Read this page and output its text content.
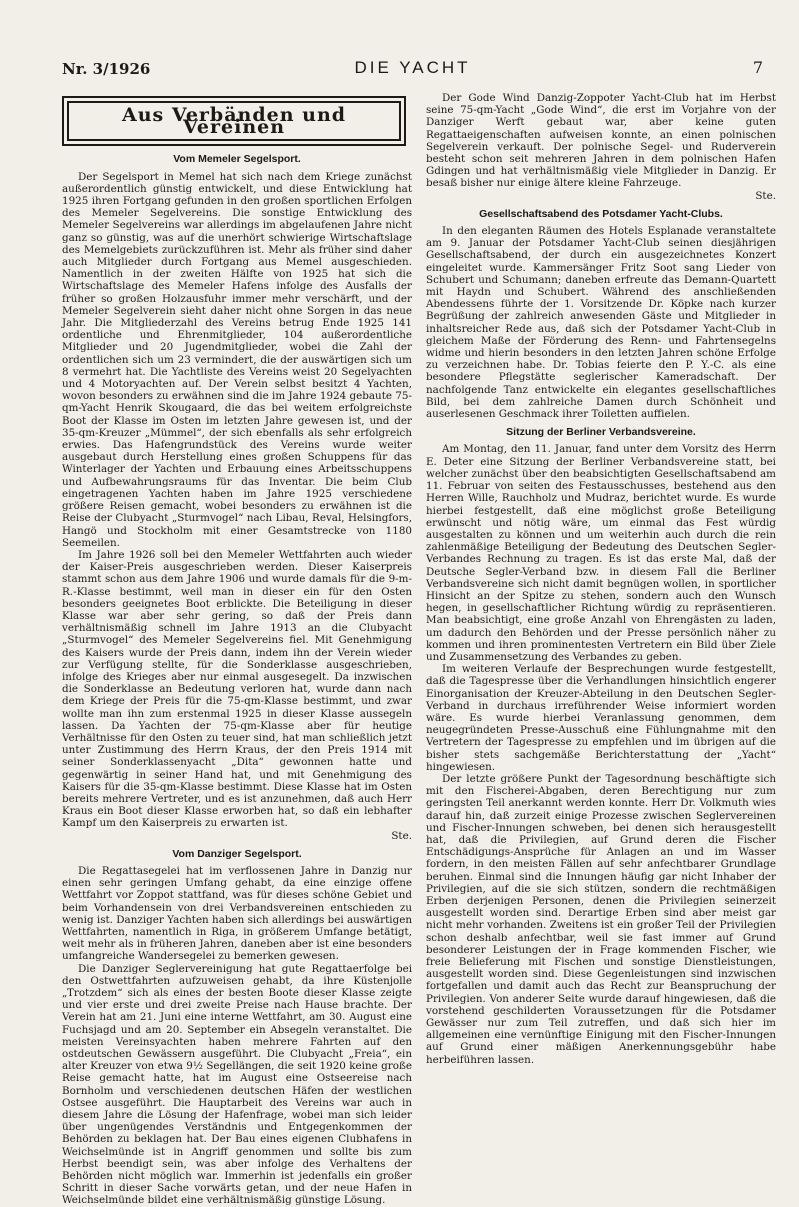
Nr. 3/1926	DIE YACHT	7
Aus Verbänden und Vereinen
Vom Memeler Segelsport.

Der Segelsport in Memel hat sich nach dem Kriege zunächst außerordentlich günstig entwickelt, und diese Entwicklung hat 1925 ihren Fortgang gefunden in den großen sportlichen Erfolgen des Memeler Segelvereins. Die sonstige Entwicklung des Memeler Segelvereins war allerdings im abgelaufenen Jahre nicht ganz so günstig, was auf die unerhört schwierige Wirtschaftslage des Memelgebiets zurückzuführen ist. Mehr als früher sind daher auch Mitglieder durch Fortgang aus Memel ausgeschieden. Namentlich in der zweiten Hälfte von 1925 hat sich die Wirtschaftslage des Memeler Hafens infolge des Ausfalls der früher so großen Holzausfuhr immer mehr verschärft, und der Memeler Segelverein sieht daher nicht ohne Sorgen in das neue Jahr. Die Mitgliederzahl des Vereins betrug Ende 1925 141 ordentliche und Ehrenmitglieder, 104 außerordentliche Mitglieder und 20 Jugendmitglieder, wobei die Zahl der ordentlichen sich um 23 vermindert, die der auswärtigen sich um 8 vermehrt hat. Die Yachtliste des Vereins weist 20 Segelyachten und 4 Motoryachten auf. Der Verein selbst besitzt 4 Yachten, wovon besonders zu erwähnen sind die im Jahre 1924 gebaute 75-qm-Yacht Henrik Skougaard, die das bei weitem erfolgreichste Boot der Klasse im Osten im letzten Jahre gewesen ist, und der 35-qm-Kreuzer „Mümmel“, der sich ebenfalls als sehr erfolgreich erwies. Das Hafengrundstück des Vereins wurde weiter ausgebaut durch Herstellung eines großen Schuppens für das Winterlager der Yachten und Erbauung eines Arbeitsschuppens und Aufbewahrungsraums für das Inventar. Die beim Club eingetragenen Yachten haben im Jahre 1925 verschiedene größere Reisen gemacht, wobei besonders zu erwähnen ist die Reise der Clubyacht „Sturmvogel“ nach Libau, Reval, Helsingfors, Hangö und Stockholm mit einer Gesamtstrecke von 1180 Seemeilen.

Im Jahre 1926 soll bei den Memeler Wettfahrten auch wieder der Kaiser-Preis ausgeschrieben werden. Dieser Kaiserpreis stammt schon aus dem Jahre 1906 und wurde damals für die 9-m-R.-Klasse bestimmt, weil man in dieser ein für den Osten besonders geeignetes Boot erblickte. Die Beteiligung in dieser Klasse war aber sehr gering, so daß der Preis dann verhältnismäßig schnell im Jahre 1913 an die Clubyacht „Sturmvogel“ des Memeler Segelvereins fiel. Mit Genehmigung des Kaisers wurde der Preis dann, indem ihn der Verein wieder zur Verfügung stellte, für die Sonderklasse ausgeschrieben, infolge des Krieges aber nur einmal ausgesegelt. Da inzwischen die Sonderklasse an Bedeutung verloren hat, wurde dann nach dem Kriege der Preis für die 75-qm-Klasse bestimmt, und zwar wollte man ihn zum erstenmal 1925 in dieser Klasse aussegeln lassen. Da Yachten der 75-qm-Klasse aber für heutige Verhältnisse für den Osten zu teuer sind, hat man schließlich jetzt unter Zustimmung des Herrn Kraus, der den Preis 1914 mit seiner Sonderklassenyacht „Dita“ gewonnen hatte und gegenwärtig in seiner Hand hat, und mit Genehmigung des Kaisers für die 35-qm-Klasse bestimmt. Diese Klasse hat im Osten bereits mehrere Vertreter, und es ist anzunehmen, daß auch Herr Kraus ein Boot dieser Klasse erworben hat, so daß ein lebhafter Kampf um den Kaiserpreis zu erwarten ist.

Ste.
Vom Danziger Segelsport.

Die Regattasegelei hat im verflossenen Jahre in Danzig nur einen sehr geringen Umfang gehabt, da eine einzige offene Wettfahrt vor Zoppot stattfand, was für dieses schöne Gebiet und beim Vorhandensein von drei Verbandsvereinen entschieden zu wenig ist. Danziger Yachten haben sich allerdings bei auswärtigen Wettfahrten, namentlich in Riga, in größerem Umfange betätigt, weit mehr als in früheren Jahren, daneben aber ist eine besonders umfangreiche Wandersegelei zu bemerken gewesen.

Die Danziger Seglervereinigung hat gute Regattaerfolge bei den Ostwettfahrten aufzuweisen gehabt, da ihre Küstenjolle „Trotzdem“ sich als eines der besten Boote dieser Klasse zeigte und vier erste und drei zweite Preise nach Hause brachte. Der Verein hat am 21. Juni eine interne Wettfahrt, am 30. August eine Fuchsjagd und am 20. September ein Absegeln veranstaltet. Die meisten Vereinsyachten haben mehrere Fahrten auf den ostdeutschen Gewässern ausgeführt. Die Clubyacht „Freia“, ein alter Kreuzer von etwa 9½ Segellängen, die seit 1920 keine große Reise gemacht hatte, hat im August eine Ostseereise nach Bornholm und verschiedenen deutschen Häfen der westlichen Ostsee ausgeführt. Die Hauptarbeit des Vereins war auch in diesem Jahre die Lösung der Hafenfrage, wobei man sich leider über ungenügendes Verständnis und Entgegenkommen der Behörden zu beklagen hat. Der Bau eines eigenen Clubhafens in Weichselmünde ist in Angriff genommen und sollte bis zum Herbst beendigt sein, was aber infolge des Verhaltens der Behörden nicht möglich war. Immerhin ist jedenfalls ein großer Schritt in dieser Sache vorwärts getan, und der neue Hafen in Weichselmünde bildet eine verhältnismäßig günstige Lösung.

Der Gode Wind Danzig-Zoppoter Yacht-Club hat im Herbst seine 75-qm-Yacht „Gode Wind“, die erst im Vorjahre von der Danziger Werft gebaut war, aber keine guten Regattaeigenschaften aufweisen konnte, an einen polnischen Segelverein verkauft. Der polnische Segel- und Ruderverein besteht schon seit mehreren Jahren in dem polnischen Hafen Gdingen und hat verhältnismäßig viele Mitglieder in Danzig. Er besaß bisher nur einige ältere kleine Fahrzeuge.

Ste.
Gesellschaftsabend des Potsdamer Yacht-Clubs.

In den eleganten Räumen des Hotels Esplanade veranstaltete am 9. Januar der Potsdamer Yacht-Club seinen diesjährigen Gesellschaftsabend, der durch ein ausgezeichnetes Konzert eingeleitet wurde. Kammersänger Fritz Soot sang Lieder von Schubert und Schumann; daneben erfreute das Demann-Quartett mit Haydn und Schubert. Während des anschließenden Abendessens führte der 1. Vorsitzende Dr. Köpke nach kurzer Begrüßung der zahlreich anwesenden Gäste und Mitglieder in inhaltsreicher Rede aus, daß sich der Potsdamer Yacht-Club in gleichem Maße der Förderung des Renn- und Fahrtensegelns widme und hierin besonders in den letzten Jahren schöne Erfolge zu verzeichnen habe. Dr. Tobias feierte den P. Y.-C. als eine besondere Pflegstätte seglerischer Kameradschaft. Der nachfolgende Tanz entwickelte ein elegantes gesellschaftliches Bild, bei dem zahlreiche Damen durch Schönheit und auserlesenen Geschmack ihrer Toiletten auffielen.

Sitzung der Berliner Verbandsvereine.

Am Montag, den 11. Januar, fand unter dem Vorsitz des Herrn E. Deter eine Sitzung der Berliner Verbandsvereine statt, bei welcher zunächst über den beabsichtigten Gesellschaftsabend am 11. Februar von seiten des Festausschusses, bestehend aus den Herren Wille, Rauchholz und Mudraz, berichtet wurde. Es wurde hierbei festgestellt, daß eine möglichst große Beteiligung erwünscht und nötig wäre, um einmal das Fest würdig ausgestalten zu können und um weiterhin auch durch die rein zahlenmäßige Beteiligung der Bedeutung des Deutschen Segler-Verbandes Rechnung zu tragen. Es ist das erste Mal, daß der Deutsche Segler-Verband bzw. in diesem Fall die Berliner Verbandsvereine sich nicht damit begnügen wollen, in sportlicher Hinsicht an der Spitze zu stehen, sondern auch den Wunsch hegen, in gesellschaftlicher Richtung würdig zu repräsentieren. Man beabsichtigt, eine große Anzahl von Ehrengästen zu laden, um dadurch den Behörden und der Presse persönlich näher zu kommen und ihren prominentesten Vertretern ein Bild über Ziele und Zusammensetzung des Verbandes zu geben.

Im weiteren Verlaufe der Besprechungen wurde festgestellt, daß die Tagespresse über die Verhandlungen hinsichtlich engerer Einorganisation der Kreuzer-Abteilung in den Deutschen Segler-Verband in durchaus irreführender Weise informiert worden wäre. Es wurde hierbei Veranlassung genommen, dem neugegründeten Presse-Ausschuß eine Fühlungnahme mit den Vertretern der Tagespresse zu empfehlen und im übrigen auf die bisher stets sachgemäße Berichterstattung der „Yacht“ hingewiesen.

Der letzte größere Punkt der Tagesordnung beschäftigte sich mit den Fischerei-Abgaben, deren Berechtigung nur zum geringsten Teil anerkannt werden konnte. Herr Dr. Volkmuth wies darauf hin, daß zurzeit einige Prozesse zwischen Seglervereinen und Fischer-Innungen schweben, bei denen sich herausgestellt hat, daß die Privilegien, auf Grund deren die Fischer Entschädigungs-Ansprüche für Anlagen an und im Wasser fordern, in den meisten Fällen auf sehr anfechtbarer Grundlage beruhen. Einmal sind die Innungen häufig gar nicht Inhaber der Privilegien, auf die sie sich stützen, sondern die rechtmäßigen Erben derjenigen Personen, denen die Privilegien seinerzeit ausgestellt worden sind. Derartige Erben sind aber meist gar nicht mehr vorhanden. Zweitens ist ein großer Teil der Privilegien schon deshalb anfechtbar, weil sie fast immer auf Grund besonderer Leistungen der in Frage kommenden Fischer, wie freie Belieferung mit Fischen und sonstige Dienstleistungen, ausgestellt worden sind. Diese Gegenleistungen sind inzwischen fortgefallen und damit auch das Recht zur Beanspruchung der Privilegien. Von anderer Seite wurde darauf hingewiesen, daß die vorstehend geschilderten Voraussetzungen für die Potsdamer Gewässer nur zum Teil zutreffen, und daß sich hier im allgemeinen eine vernünftige Einigung mit den Fischer-Innungen auf Grund einer mäßigen Anerkennungsgebühr habe herbeiführen lassen.
